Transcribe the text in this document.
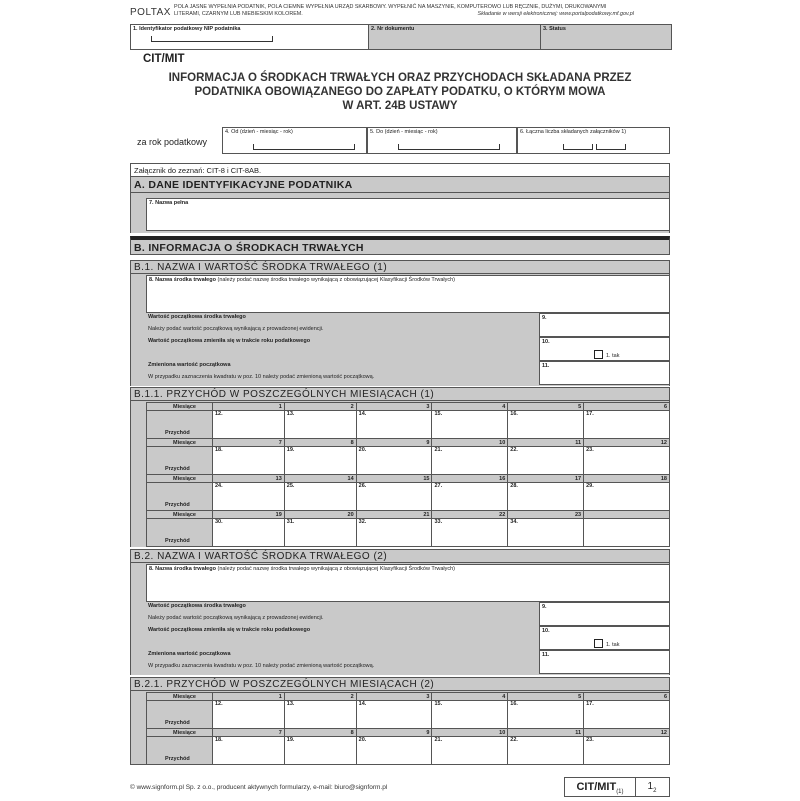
POLTAX POLA JASNE WYPEŁNIA PODATNIK, POLA CIEMNE WYPEŁNIA URZĄD SKARBOWY. WYPEŁNIĆ NA MASZYNIE, KOMPUTEROWO LUB RĘCZNIE, DUŻYMI, DRUKOWANYMI LITERAMI, CZARNYM LUB NIEBIESKIM KOLOREM.	Składanie w wersji elektronicznej: www.portalpodatkowy.mf.gov.pl
1. Identyfikator podatkowy NIP podatnika	2. Nr dokumentu	3. Status
CIT/MIT
INFORMACJA O ŚRODKACH TRWAŁYCH ORAZ PRZYCHODACH SKŁADANA PRZEZ
PODATNIKA OBOWIĄZANEGO DO ZAPŁATY PODATKU, O KTÓRYM MOWA
W ART. 24B USTAWY
za rok podatkowy
4. Od (dzień - miesiąc - rok)	5. Do (dzień - miesiąc - rok)	6. Łączna liczba składanych załączników 1)
Załącznik do zeznań: CIT-8 i CIT-8AB.
A. DANE IDENTYFIKACYJNE PODATNIKA
7. Nazwa pełna
B. INFORMACJA O ŚRODKACH TRWAŁYCH
B.1. NAZWA I WARTOŚĆ ŚRODKA TRWAŁEGO (1)
8. Nazwa środka trwałego (należy podać nazwę środka trwałego wynikającą z obowiązującej Klasyfikacji Środków Trwałych)
Wartość początkowa środka trwałego

Należy podać wartość początkową wynikającą z prowadzonej ewidencji.
9.
Wartość początkowa zmieniła się w trakcie roku podatkowego	10.
1. tak
Zmieniona wartość początkowa

W przypadku zaznaczenia kwadratu w poz. 10 należy podać zmienioną wartość początkową.
11.
B.1.1. PRZYCHÓD W POSZCZEGÓLNYCH MIESIĄCACH (1)
Miesiące	1	2	3	4	5	6
Przychód	12.	13.	14.	15.	16.	17.
Miesiące	7	8	9	10	11	12
Przychód	18.	19.	20.	21.	22.	23.
Miesiące	13	14	15	16	17	18
Przychód	24.	25.	26.	27.	28.	29.
Miesiące	19	20	21	22	23	
Przychód	30.	31.	32.	33.	34.	
B.2. NAZWA I WARTOŚĆ ŚRODKA TRWAŁEGO (2)
8. Nazwa środka trwałego (należy podać nazwę środka trwałego wynikającą z obowiązującej Klasyfikacji Środków Trwałych)
Wartość początkowa środka trwałego

Należy podać wartość początkową wynikającą z prowadzonej ewidencji.
9.
Wartość początkowa zmieniła się w trakcie roku podatkowego	10.
1. tak
Zmieniona wartość początkowa

W przypadku zaznaczenia kwadratu w poz. 10 należy podać zmienioną wartość początkową.
11.
B.2.1. PRZYCHÓD W POSZCZEGÓLNYCH MIESIĄCACH (2)
Miesiące	1	2	3	4	5	6
Przychód	12.	13.	14.	15.	16.	17.
Miesiące	7	8	9	10	11	12
Przychód	18.	19.	20.	21.	22.	23.
© www.signform.pl Sp. z o.o., producent aktywnych formularzy, e-mail: biuro@signform.pl	CIT/$MIT_{(1)}$
$1_2$
